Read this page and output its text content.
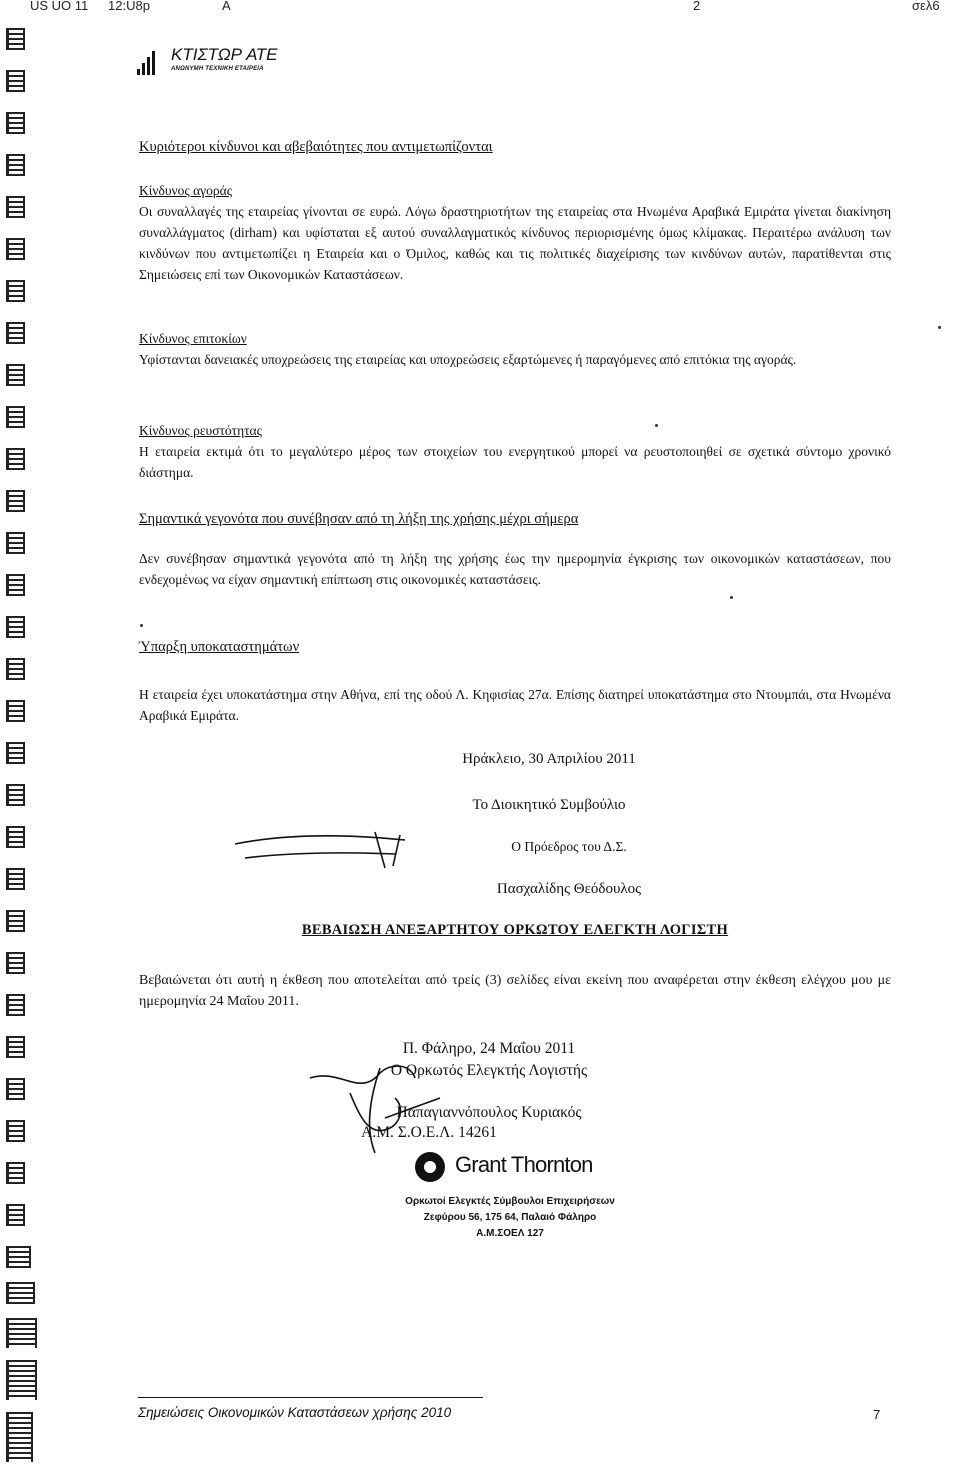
US UO 11 12:U8p	A	2	σελ6
ΚΤΙΣΤΩΡ ΑΤΕ
ΑΝΩΝΥΜΗ ΤΕΧΝΙΚΗ ΕΤΑΙΡΕΙΑ
Κυριότεροι κίνδυνοι και αβεβαιότητες που αντιμετωπίζονται
Κίνδυνος αγοράς

Οι συναλλαγές της εταιρείας γίνονται σε ευρώ. Λόγω δραστηριοτήτων της εταιρείας στα Ηνωμένα Αραβικά Εμιράτα γίνεται διακίνηση συναλλάγματος (dirham) και υφίσταται εξ αυτού συναλλαγματικός κίνδυνος περιορισμένης όμως κλίμακας. Περαιτέρω ανάλυση των κινδύνων που αντιμετωπίζει η Εταιρεία και ο Όμιλος, καθώς και τις πολιτικές διαχείρισης των κινδύνων αυτών, παρατίθενται στις Σημειώσεις επί των Οικονομικών Καταστάσεων.

Κίνδυνος επιτοκίων

Υφίστανται δανειακές υποχρεώσεις της εταιρείας και υποχρεώσεις εξαρτώμενες ή παραγόμενες από επιτόκια της αγοράς.

Κίνδυνος ρευστότητας

Η εταιρεία εκτιμά ότι το μεγαλύτερο μέρος των στοιχείων του ενεργητικού μπορεί να ρευστοποιηθεί σε σχετικά σύντομο χρονικό διάστημα.

Σημαντικά γεγονότα που συνέβησαν από τη λήξη της χρήσης μέχρι σήμερα

Δεν συνέβησαν σημαντικά γεγονότα από τη λήξη της χρήσης έως την ημερομηνία έγκρισης των οικονομικών καταστάσεων, που ενδεχομένως να είχαν σημαντική επίπτωση στις οικονομικές καταστάσεις.

Ύπαρξη υποκαταστημάτων

Η εταιρεία έχει υποκατάστημα στην Αθήνα, επί της οδού Λ. Κηφισίας 27α. Επίσης διατηρεί υποκατάστημα στο Ντουμπάι, στα Ηνωμένα Αραβικά Εμιράτα.

Ηράκλειο, 30 Απριλίου 2011
Το Διοικητικό Συμβούλιο
Ο Πρόεδρος του Δ.Σ.
Πασχαλίδης Θεόδουλος
ΒΕΒΑΙΩΣΗ ΑΝΕΞΑΡΤΗΤΟΥ ΟΡΚΩΤΟΥ ΕΛΕΓΚΤΗ ΛΟΓΙΣΤΗ

Βεβαιώνεται ότι αυτή η έκθεση που αποτελείται από τρείς (3) σελίδες είναι εκείνη που αναφέρεται στην έκθεση ελέγχου μου με ημερομηνία 24 Μαΐου 2011.

Π. Φάληρο, 24 Μαΐου 2011
Ο Ορκωτός Ελεγκτής Λογιστής
Παπαγιαννόπουλος Κυριακός
Α.Μ. Σ.Ο.Ε.Λ. 14261
Grant Thornton
Ορκωτοί Ελεγκτές Σύμβουλοι Επιχειρήσεων
Ζεφύρου 56, 175 64, Παλαιό Φάληρο
Α.Μ.ΣΟΕΛ 127
Σημειώσεις Οικονομικών Καταστάσεων χρήσης 2010	7
